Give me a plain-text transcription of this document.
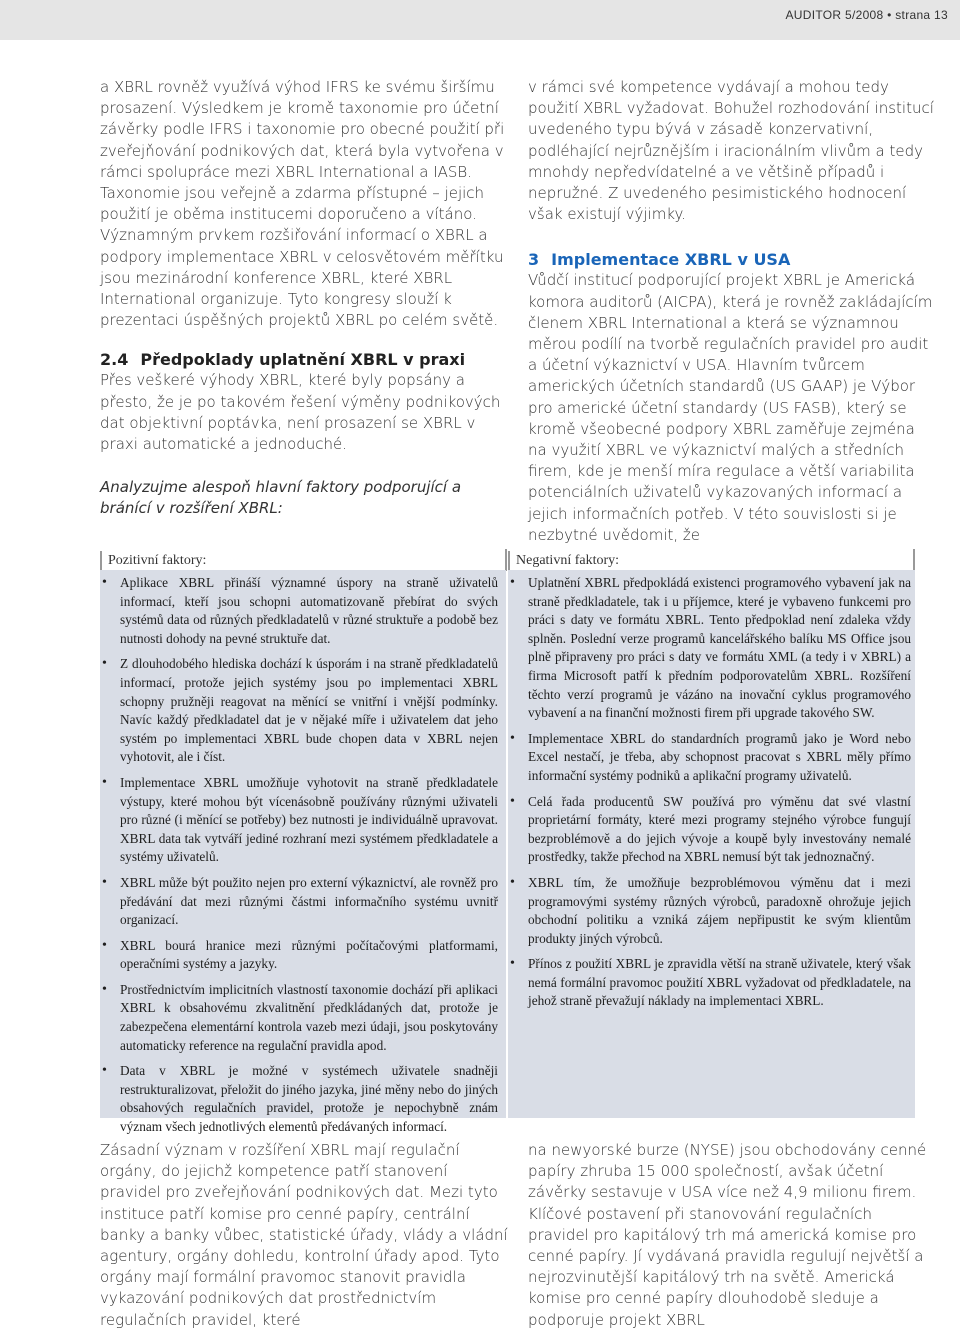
AUDITOR 5/2008 • strana 13

a XBRL rovněž využívá výhod IFRS ke svému širšímu prosazení. Výsledkem je kromě taxonomie pro účetní závěrky podle IFRS i taxonomie pro obecné použití při zveřejňování podnikových dat, která byla vytvořena v rámci spolupráce mezi XBRL International a IASB. Taxonomie jsou veřejně a zdarma přístupné – jejich použití je oběma institucemi doporučeno a vítáno. Významným prvkem rozšiřování informací o XBRL a podpory implementace XBRL v celosvětovém měřítku jsou mezinárodní konference XBRL, které XBRL International organizuje. Tyto kongresy slouží k prezentaci úspěšných projektů XBRL po celém světě.

2.4 Předpoklady uplatnění XBRL v praxi

Přes veškeré výhody XBRL, které byly popsány a přesto, že je po takovém řešení výměny podnikových dat objektivní poptávka, není prosazení se XBRL v praxi automatické a jednoduché.

Analyzujme alespoň hlavní faktory podporující a bránící v rozšíření XBRL:

v rámci své kompetence vydávají a mohou tedy použití XBRL vyžadovat. Bohužel rozhodování institucí uvedeného typu bývá v zásadě konzervativní, podléhající nejrůznějším i iracionálním vlivům a tedy mnohdy nepředvídatelné a ve většině případů i nepružné. Z uvedeného pesimistického hodnocení však existují výjimky.

3 Implementace XBRL v USA

Vůdčí institucí podporující projekt XBRL je Americká komora auditorů (AICPA), která je rovněž zakládajícím členem XBRL International a která se významnou měrou podílí na tvorbě regulačních pravidel pro audit a účetní výkaznictví v USA. Hlavním tvůrcem amerických účetních standardů (US GAAP) je Výbor pro americké účetní standardy (US FASB), který se kromě všeobecné podpory XBRL zaměřuje zejména na využití XBRL ve výkaznictví malých a středních firem, kde je menší míra regulace a větší variabilita potenciálních uživatelů vykazovaných informací a jejich informačních potřeb. V této souvislosti si je nezbytné uvědomit, že

Pozitivní faktory:	Negativní faktory:
• Aplikace XBRL přináší významné úspory na straně uživatelů informací, kteří jsou schopni automatizovaně přebírat do svých systémů data od různých předkladatelů v různé struktuře a podobě bez nutnosti dohody na pevné struktuře dat.
• Z dlouhodobého hlediska dochází k úsporám i na straně předkladatelů informací, protože jejich systémy jsou po implementaci XBRL schopny pružněji reagovat na měnící se vnitřní i vnější podmínky. Navíc každý předkladatel dat je v nějaké míře i uživatelem dat jeho systém po implementaci XBRL bude chopen data v XBRL nejen vyhotovit, ale i číst.
• Implementace XBRL umožňuje vyhotovit na straně předkladatele výstupy, které mohou být vícenásobně používány různými uživateli pro různé (i měnící se potřeby) bez nutnosti je individuálně upravovat. XBRL data tak vytváří jediné rozhraní mezi systémem předkladatele a systémy uživatelů.
• XBRL může být použito nejen pro externí výkaznictví, ale rovněž pro předávání dat mezi různými částmi informačního systému uvnitř organizací.
• XBRL bourá hranice mezi různými počítačovými platformami, operačními systémy a jazyky.
• Prostřednictvím implicitních vlastností taxonomie dochází při aplikaci XBRL k obsahovému zkvalitnění předkládaných dat, protože je zabezpečena elementární kontrola vazeb mezi údaji, jsou poskytovány automaticky reference na regulační pravidla apod.
• Data v XBRL je možné v systémech uživatele snadněji restrukturalizovat, přeložit do jiného jazyka, jiné měny nebo do jiných obsahových regulačních pravidel, protože je nepochybně znám význam všech jednotlivých elementů předávaných informací.
• Uplatnění XBRL předpokládá existenci programového vybavení jak na straně předkladatele, tak i u příjemce, které je vybaveno funkcemi pro práci s daty ve formátu XBRL. Tento předpoklad není zdaleka vždy splněn. Poslední verze programů kancelářského balíku MS Office jsou plně připraveny pro práci s daty ve formátu XML (a tedy i v XBRL) a firma Microsoft patří k předním podporovatelům XBRL. Rozšíření těchto verzí programů je vázáno na inovační cyklus programového vybavení a na finanční možnosti firem při upgrade takového SW.
• Implementace XBRL do standardních programů jako je Word nebo Excel nestačí, je třeba, aby schopnost pracovat s XBRL měly přímo informační systémy podniků a aplikační programy uživatelů.
• Celá řada producentů SW používá pro výměnu dat své vlastní proprietární formáty, které mezi programy stejného výrobce fungují bezproblémově a do jejich vývoje a koupě byly investovány nemalé prostředky, takže přechod na XBRL nemusí být tak jednoznačný.
• XBRL tím, že umožňuje bezproblémovou výměnu dat i mezi programovými systémy různých výrobců, paradoxně ohrožuje jejich obchodní politiku a vzniká zájem nepřipustit ke svým klientům produkty jiných výrobců.
• Přínos z použití XBRL je zpravidla větší na straně uživatele, který však nemá formální pravomoc použití XBRL vyžadovat od předkladatele, na jehož straně převažují náklady na implementaci XBRL.

Zásadní význam v rozšíření XBRL mají regulační orgány, do jejichž kompetence patří stanovení pravidel pro zveřejňování podnikových dat. Mezi tyto instituce patří komise pro cenné papíry, centrální banky a banky vůbec, statistické úřady, vlády a vládní agentury, orgány dohledu, kontrolní úřady apod. Tyto orgány mají formální pravomoc stanovit pravidla vykazování podnikových dat prostřednictvím regulačních pravidel, které

na newyorské burze (NYSE) jsou obchodovány cenné papíry zhruba 15 000 společností, avšak účetní závěrky sestavuje v USA více než 4,9 milionu firem. Klíčové postavení při stanovování regulačních pravidel pro kapitálový trh má americká komise pro cenné papíry. Jí vydávaná pravidla regulují největší a nejrozvinutější kapitálový trh na světě. Americká komise pro cenné papíry dlouhodobě sleduje a podporuje projekt XBRL
